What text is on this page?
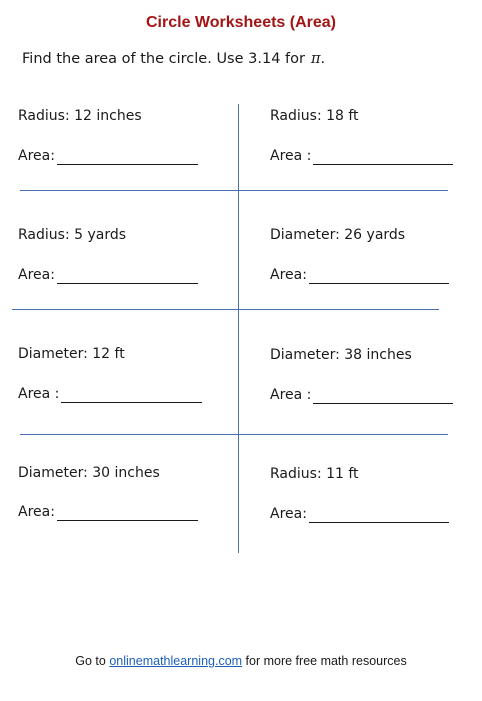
Circle Worksheets (Area)

Find the area of the circle. Use 3.14 for π.

Radius: 12 inches
Area:
Radius: 18 ft
Area :
Radius: 5 yards
Area:
Diameter: 26 yards
Area:
Diameter: 12 ft
Area :
Diameter: 38 inches
Area :
Diameter: 30 inches
Area:
Radius: 11 ft
Area:
Go to onlinemathlearning.com for more free math resources
